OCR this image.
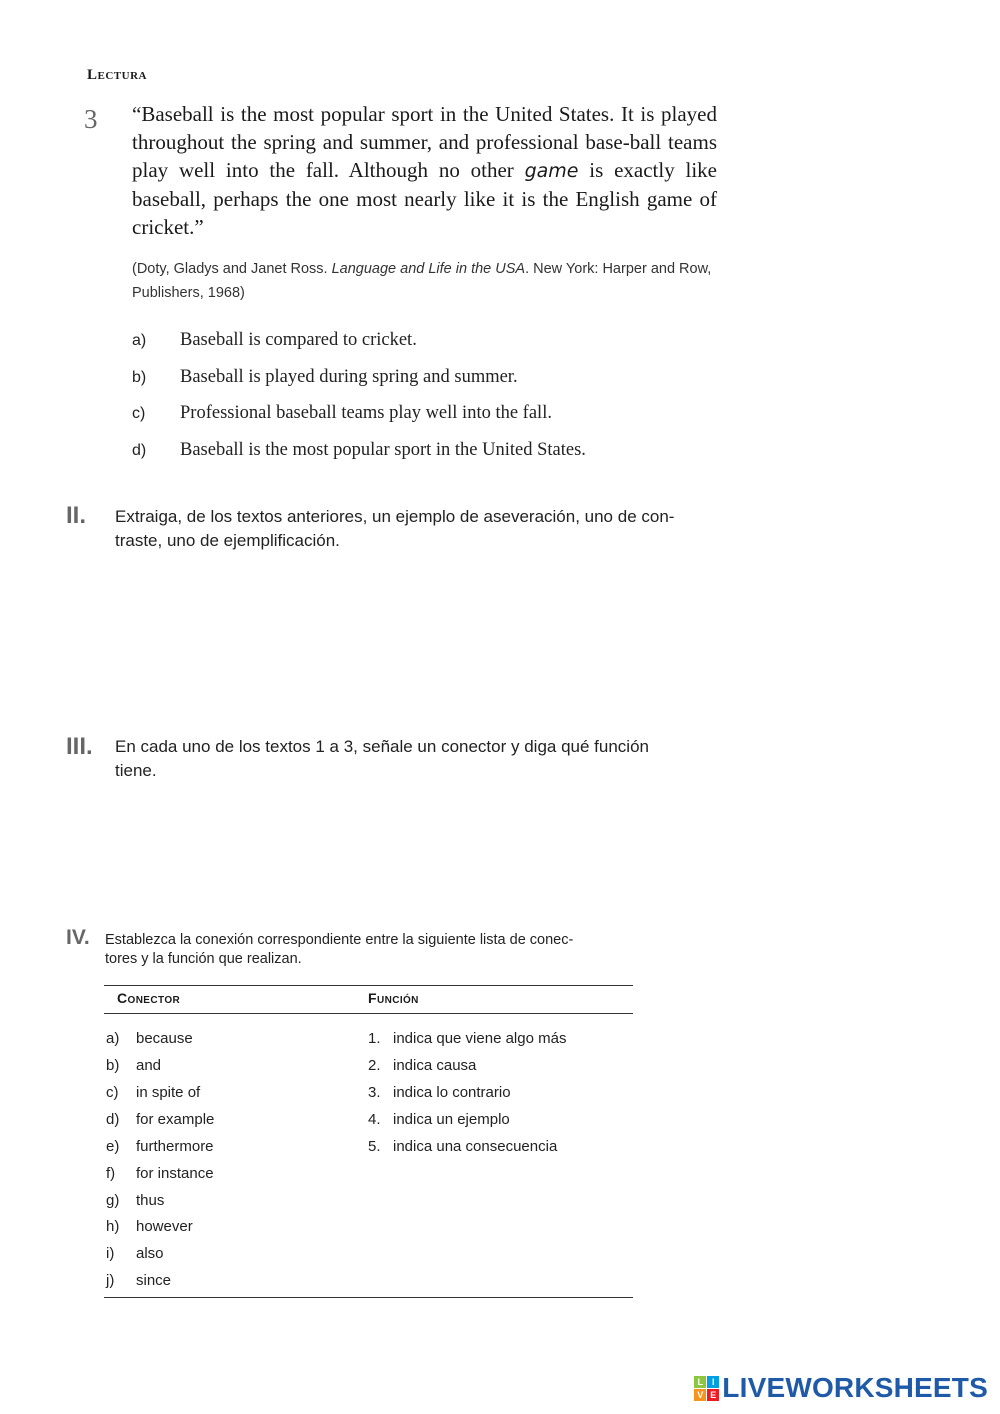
Lectura
3 “Baseball is the most popular sport in the United States. It is played throughout the spring and summer, and professional base-ball teams play well into the fall. Although no other game is exactly like baseball, perhaps the one most nearly like it is the English game of cricket.”

(Doty, Gladys and Janet Ross. Language and Life in the USA. New York: Harper and Row, Publishers, 1968)

a) Baseball is compared to cricket.
b) Baseball is played during spring and summer.
c) Professional baseball teams play well into the fall.
d) Baseball is the most popular sport in the United States.
II. Extraiga, de los textos anteriores, un ejemplo de aseveración, uno de con-
traste, uno de ejemplificación.
III. En cada uno de los textos 1 a 3, señale un conector y diga qué función
tiene.
IV. Establezca la conexión correspondiente entre la siguiente lista de conec-
tores y la función que realizan.
Conector	Función
a) because
b) and
c) in spite of
d) for example
e) furthermore
f) for instance
g) thus
h) however
i) also
j) since
1. indica que viene algo más
2. indica causa
3. indica lo contrario
4. indica un ejemplo
5. indica una consecuencia
L I
V E LIVEWORKSHEETS
